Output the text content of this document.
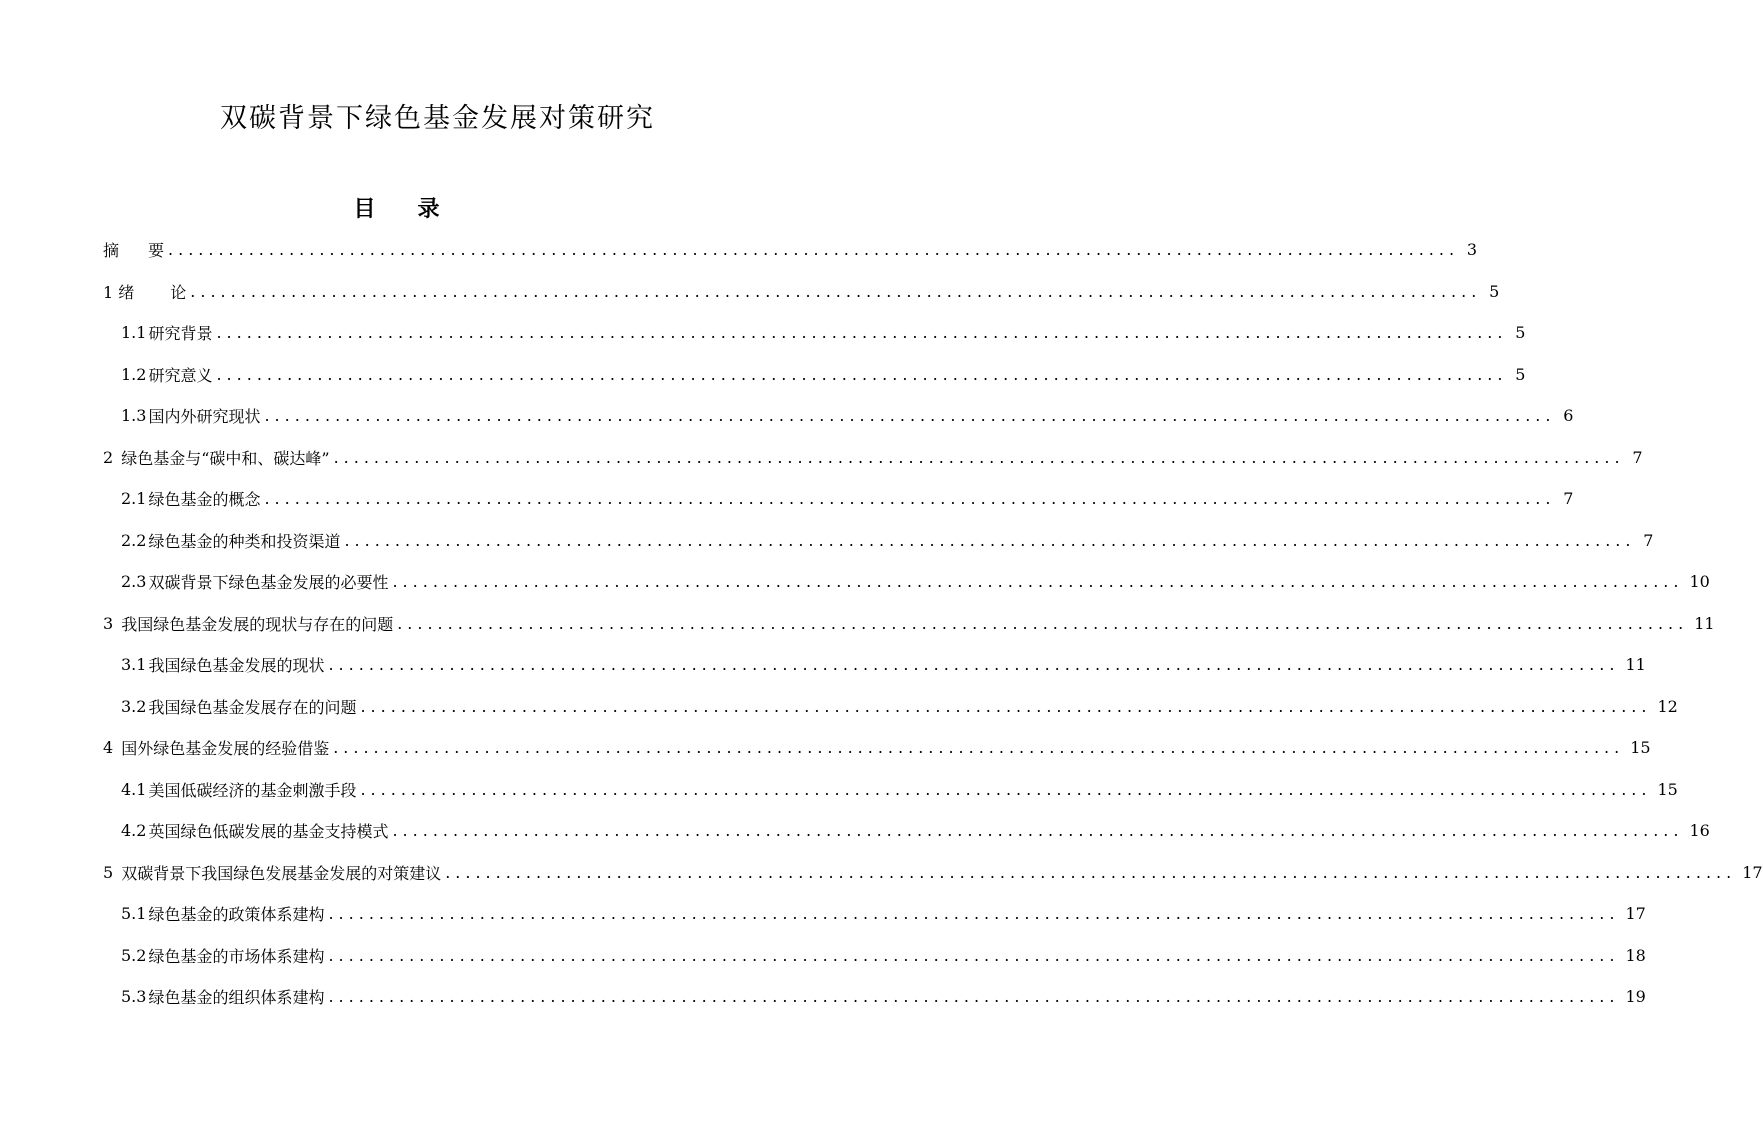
双碳背景下绿色基金发展对策研究
目 录
摘 要 ................................................................................................................................ 3
1 绪 论 ................................................................................................................................ 5
1.1 研究背景 ................................................................................................................................ 5
1.2 研究意义 ................................................................................................................................ 5
1.3 国内外研究现状 ................................................................................................................................ 6
2 绿色基金与“碳中和、碳达峰” ................................................................................................................................ 7
2.1 绿色基金的概念 ................................................................................................................................ 7
2.2 绿色基金的种类和投资渠道 ................................................................................................................................ 7
2.3 双碳背景下绿色基金发展的必要性 ................................................................................................................................ 10
3 我国绿色基金发展的现状与存在的问题 ................................................................................................................................ 11
3.1 我国绿色基金发展的现状 ................................................................................................................................ 11
3.2 我国绿色基金发展存在的问题 ................................................................................................................................ 12
4 国外绿色基金发展的经验借鉴 ................................................................................................................................ 15
4.1 美国低碳经济的基金刺激手段 ................................................................................................................................ 15
4.2 英国绿色低碳发展的基金支持模式 ................................................................................................................................ 16
5 双碳背景下我国绿色发展基金发展的对策建议 ................................................................................................................................ 17
5.1 绿色基金的政策体系建构 ................................................................................................................................ 17
5.2 绿色基金的市场体系建构 ................................................................................................................................ 18
5.3 绿色基金的组织体系建构 ................................................................................................................................ 19
